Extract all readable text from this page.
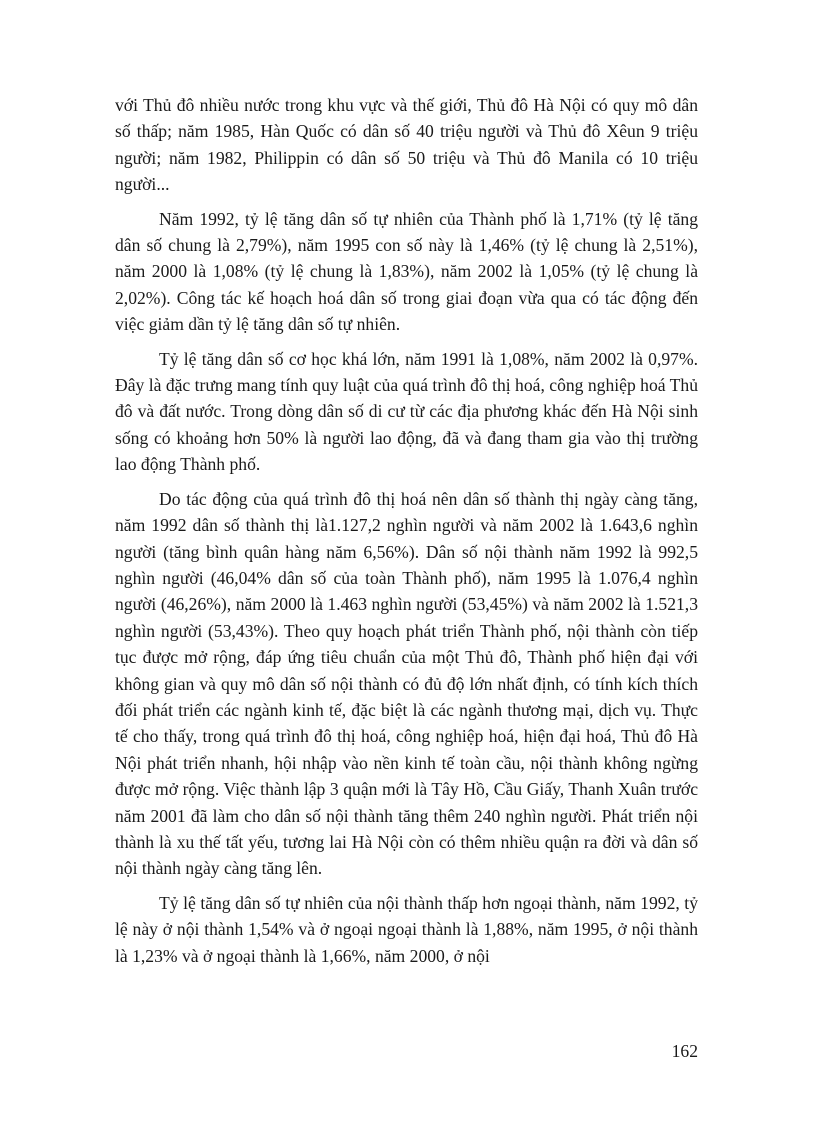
với Thủ đô nhiều nước trong khu vực và thế giới, Thủ đô Hà Nội có quy mô dân số thấp; năm 1985, Hàn Quốc có dân số 40 triệu người và Thủ đô Xêun 9 triệu người; năm 1982, Philippin có dân số 50 triệu và Thủ đô Manila có 10 triệu người...

Năm 1992, tỷ lệ tăng dân số tự nhiên của Thành phố là 1,71% (tỷ lệ tăng dân số chung là 2,79%), năm 1995 con số này là 1,46% (tỷ lệ chung là 2,51%), năm 2000 là 1,08% (tỷ lệ chung là 1,83%), năm 2002 là 1,05% (tỷ lệ chung là 2,02%). Công tác kế hoạch hoá dân số trong giai đoạn vừa qua có tác động đến việc giảm dần tỷ lệ tăng dân số tự nhiên.

Tỷ lệ tăng dân số cơ học khá lớn, năm 1991 là 1,08%, năm 2002 là 0,97%. Đây là đặc trưng mang tính quy luật của quá trình đô thị hoá, công nghiệp hoá Thủ đô và đất nước. Trong dòng dân số di cư từ các địa phương khác đến Hà Nội sinh sống có khoảng hơn 50% là người lao động, đã và đang tham gia vào thị trường lao động Thành phố.

Do tác động của quá trình đô thị hoá nên dân số thành thị ngày càng tăng, năm 1992 dân số thành thị là1.127,2 nghìn người và năm 2002 là 1.643,6 nghìn người (tăng bình quân hàng năm 6,56%). Dân số nội thành năm 1992 là 992,5 nghìn người (46,04% dân số của toàn Thành phố), năm 1995 là 1.076,4 nghìn người (46,26%), năm 2000 là 1.463 nghìn người (53,45%) và năm 2002 là 1.521,3 nghìn người (53,43%). Theo quy hoạch phát triển Thành phố, nội thành còn tiếp tục được mở rộng, đáp ứng tiêu chuẩn của một Thủ đô, Thành phố hiện đại với không gian và quy mô dân số nội thành có đủ độ lớn nhất định, có tính kích thích đối phát triển các ngành kinh tế, đặc biệt là các ngành thương mại, dịch vụ. Thực tế cho thấy, trong quá trình đô thị hoá, công nghiệp hoá, hiện đại hoá, Thủ đô Hà Nội phát triển nhanh, hội nhập vào nền kinh tế toàn cầu, nội thành không ngừng được mở rộng. Việc thành lập 3 quận mới là Tây Hồ, Cầu Giấy, Thanh Xuân trước năm 2001 đã làm cho dân số nội thành tăng thêm 240 nghìn người. Phát triển nội thành là xu thế tất yếu, tương lai Hà Nội còn có thêm nhiều quận ra đời và dân số nội thành ngày càng tăng lên.

Tỷ lệ tăng dân số tự nhiên của nội thành thấp hơn ngoại thành, năm 1992, tỷ lệ này ở nội thành 1,54% và ở ngoại ngoại thành là 1,88%, năm 1995, ở nội thành là 1,23% và ở ngoại thành là 1,66%, năm 2000, ở nội

162
